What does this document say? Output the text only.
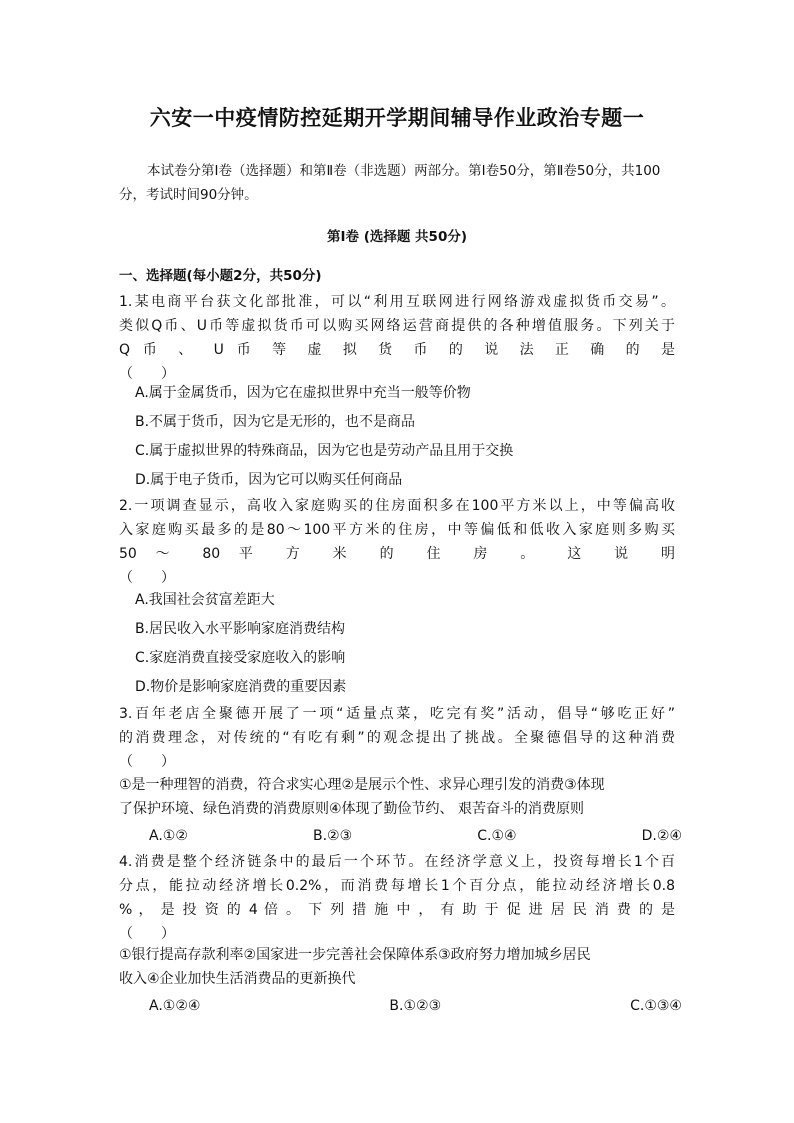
六安一中疫情防控延期开学期间辅导作业政治专题一
本试卷分第Ⅰ卷（选择题）和第Ⅱ卷（非选题）两部分。第Ⅰ卷50分，第Ⅱ卷50分，共100分，考试时间90分钟。
第Ⅰ卷 (选择题 共50分)
一、选择题(每小题2分，共50分)
1.某电商平台获文化部批准，可以“利用互联网进行网络游戏虚拟货币交易”。
类似Q币、U币等虚拟货币可以购买网络运营商提供的各种增值服务。下列关于
Q 币 、 U 币 等 虚 拟 货 币 的 说 法 正 确 的 是
（　　）
A.属于金属货币，因为它在虚拟世界中充当一般等价物
B.不属于货币，因为它是无形的，也不是商品
C.属于虚拟世界的特殊商品，因为它也是劳动产品且用于交换
D.属于电子货币，因为它可以购买任何商品
2.一项调查显示，高收入家庭购买的住房面积多在100平方米以上，中等偏高收
入家庭购买最多的是80～100平方米的住房，中等偏低和低收入家庭则多购买
50 ～ 80 平 方 米 的 住 房 。 这 说 明
（　　）
A.我国社会贫富差距大
B.居民收入水平影响家庭消费结构
C.家庭消费直接受家庭收入的影响
D.物价是影响家庭消费的重要因素
3.百年老店全聚德开展了一项“适量点菜，吃完有奖”活动，倡导“够吃正好”
的消费理念，对传统的“有吃有剩”的观念提出了挑战。全聚德倡导的这种消费
（　　）
①是一种理智的消费，符合求实心理②是展示个性、求异心理引发的消费③体现
了保护环境、绿色消费的消费原则④体现了勤俭节约、 艰苦奋斗的消费原则
A.①②	B.②③	C.①④	D.②④
4.消费是整个经济链条中的最后一个环节。在经济学意义上，投资每增长1个百
分点，能拉动经济增长0.2%，而消费每增长1个百分点，能拉动经济增长0.8
% ， 是 投 资 的 4 倍 。 下 列 措 施 中 ， 有 助 于 促 进 居 民 消 费 的 是
（　　）
①银行提高存款利率②国家进一步完善社会保障体系③政府努力增加城乡居民
收入④企业加快生活消费品的更新换代
A.①②④	B.①②③	C.①③④
